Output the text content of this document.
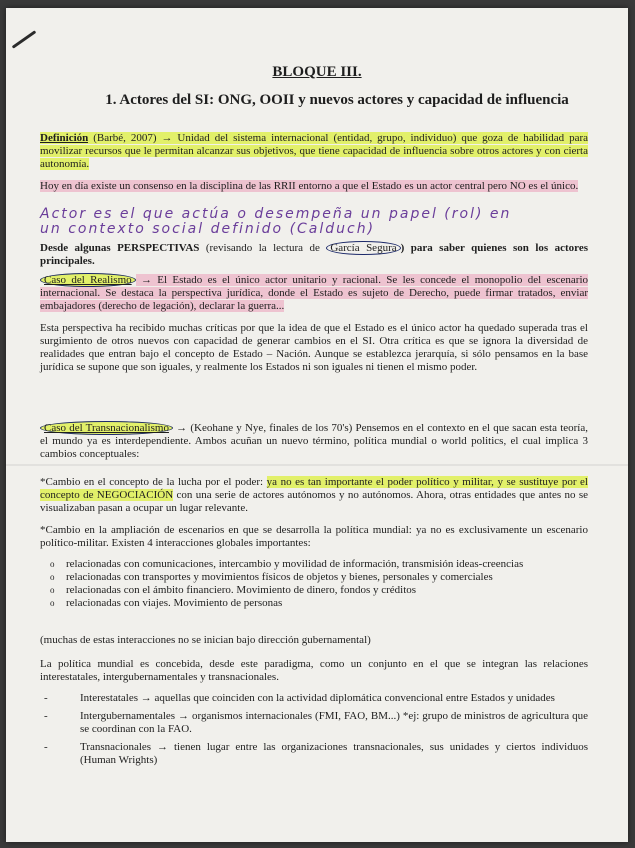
BLOQUE III.
1. Actores del SI: ONG, OOII y nuevos actores y capacidad de influencia
Definición (Barbé, 2007) → Unidad del sistema internacional (entidad, grupo, individuo) que goza de habilidad para movilizar recursos que le permitan alcanzar sus objetivos, que tiene capacidad de influencia sobre otros actores y con cierta autonomía.
Hoy en día existe un consenso en la disciplina de las RRII entorno a que el Estado es un actor central pero NO es el único.
Actor es el que actúa o desempeña un papel (rol) en
un contexto social definido (Calduch)
Desde algunas PERSPECTIVAS (revisando la lectura de García Segura ) para saber quienes son los actores principales.
Caso del Realismo → El Estado es el único actor unitario y racional. Se les concede el monopolio del escenario internacional. Se destaca la perspectiva jurídica, donde el Estado es sujeto de Derecho, puede firmar tratados, enviar embajadores (derecho de legación), declarar la guerra...
Esta perspectiva ha recibido muchas críticas por que la idea de que el Estado es el único actor ha quedado superada tras el surgimiento de otros nuevos con capacidad de generar cambios en el SI. Otra crítica es que se ignora la diversidad de realidades que entran bajo el concepto de Estado – Nación. Aunque se establezca jerarquía, si sólo pensamos en la base jurídica se supone que son iguales, y realmente los Estados ni son iguales ni tienen el mismo poder.
Caso del Transnacionalismo → (Keohane y Nye, finales de los 70's) Pensemos en el contexto en el que sacan esta teoría, el mundo ya es interdependiente. Ambos acuñan un nuevo término, política mundial o world politics, el cual implica 3 cambios conceptuales:
*Cambio en el concepto de la lucha por el poder: ya no es tan importante el poder político y militar, y se sustituye por el concepto de NEGOCIACIÓN con una serie de actores autónomos y no autónomos. Ahora, otras entidades que antes no se visualizaban pasan a ocupar un lugar relevante.
*Cambio en la ampliación de escenarios en que se desarrolla la política mundial: ya no es exclusivamente un escenario político-militar. Existen 4 interacciones globales importantes:
o relacionadas con comunicaciones, intercambio y movilidad de información, transmisión ideas-creencias
o relacionadas con transportes y movimientos físicos de objetos y bienes, personales y comerciales
o relacionadas con el ámbito financiero. Movimiento de dinero, fondos y créditos
o relacionadas con viajes. Movimiento de personas
(muchas de estas interacciones no se inician bajo dirección gubernamental)
La política mundial es concebida, desde este paradigma, como un conjunto en el que se integran las relaciones interestatales, intergubernamentales y transnacionales.
-	Interestatales → aquellas que coinciden con la actividad diplomática convencional entre Estados y unidades
-	Intergubernamentales → organismos internacionales (FMI, FAO, BM...) *ej: grupo de ministros de agricultura que se coordinan con la FAO.
-	Transnacionales → tienen lugar entre las organizaciones transnacionales, sus unidades y ciertos individuos (Human Wrights)
